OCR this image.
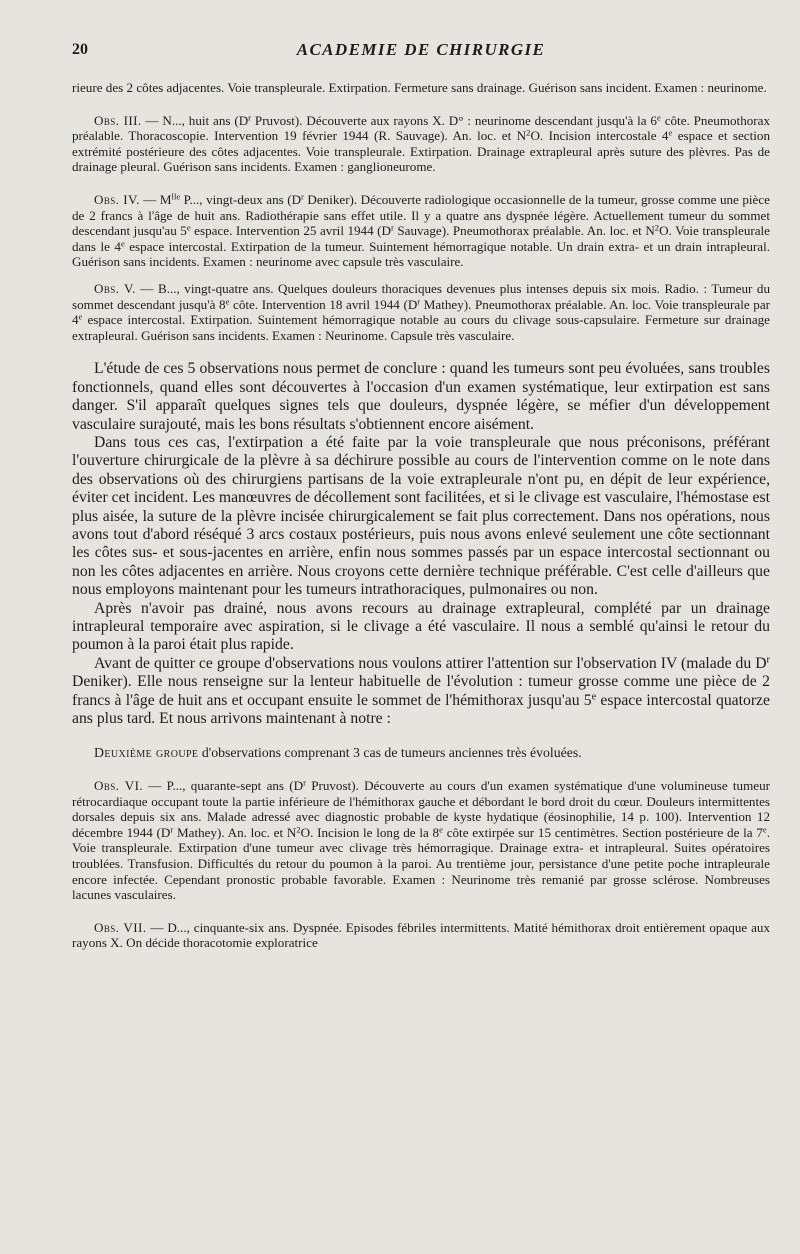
20	ACADEMIE DE CHIRURGIE

rieure des 2 côtes adjacentes. Voie transpleurale. Extirpation. Fermeture sans drainage. Guérison sans incident. Examen : neurinome.

Obs. III. — N..., huit ans ($D^r$ Pruvost). Découverte aux rayons X. D° : neurinome descendant jusqu'à la 6e côte. Pneumothorax préalable. Thoracoscopie. Intervention 19 février 1944 (R. Sauvage). An. loc. et $N^2O$. Incision intercostale 4e espace et section extrémité postérieure des côtes adjacentes. Voie transpleurale. Extirpation. Drainage extrapleural après suture des plèvres. Pas de drainage pleural. Guérison sans incidents. Examen : ganglioneurome.

Obs. IV. — $M^{lle}$ P..., vingt-deux ans ($D^r$ Deniker). Découverte radiologique occasionnelle de la tumeur, grosse comme une pièce de 2 francs à l'âge de huit ans. Radiothérapie sans effet utile. Il y a quatre ans dyspnée légère. Actuellement tumeur du sommet descendant jusqu'au 5e espace. Intervention 25 avril 1944 ($D^r$ Sauvage). Pneumothorax préalable. An. loc. et $N^2O$. Voie transpleurale dans le 4e espace intercostal. Extirpation de la tumeur. Suintement hémorragique notable. Un drain extra- et un drain intrapleural. Guérison sans incidents. Examen : neurinome avec capsule très vasculaire.

Obs. V. — B..., vingt-quatre ans. Quelques douleurs thoraciques devenues plus intenses depuis six mois. Radio. : Tumeur du sommet descendant jusqu'à 8e côte. Intervention 18 avril 1944 ($D^r$ Mathey). Pneumothorax préalable. An. loc. Voie transpleurale par 4e espace intercostal. Extirpation. Suintement hémorragique notable au cours du clivage sous-capsulaire. Fermeture sur drainage extrapleural. Guérison sans incidents. Examen : Neurinome. Capsule très vasculaire.

L'étude de ces 5 observations nous permet de conclure : quand les tumeurs sont peu évoluées, sans troubles fonctionnels, quand elles sont découvertes à l'occasion d'un examen systématique, leur extirpation est sans danger. S'il apparaît quelques signes tels que douleurs, dyspnée légère, se méfier d'un développement vasculaire surajouté, mais les bons résultats s'obtiennent encore aisément.

Dans tous ces cas, l'extirpation a été faite par la voie transpleurale que nous préconisons, préférant l'ouverture chirurgicale de la plèvre à sa déchirure possible au cours de l'intervention comme on le note dans des observations où des chirurgiens partisans de la voie extrapleurale n'ont pu, en dépit de leur expérience, éviter cet incident. Les manœuvres de décollement sont facilitées, et si le clivage est vasculaire, l'hémostase est plus aisée, la suture de la plèvre incisée chirurgicalement se fait plus correctement. Dans nos opérations, nous avons tout d'abord réséqué 3 arcs costaux postérieurs, puis nous avons enlevé seulement une côte sectionnant les côtes sus- et sous-jacentes en arrière, enfin nous sommes passés par un espace intercostal sectionnant ou non les côtes adjacentes en arrière. Nous croyons cette dernière technique préférable. C'est celle d'ailleurs que nous employons maintenant pour les tumeurs intrathoraciques, pulmonaires ou non.

Après n'avoir pas drainé, nous avons recours au drainage extrapleural, complété par un drainage intrapleural temporaire avec aspiration, si le clivage a été vasculaire. Il nous a semblé qu'ainsi le retour du poumon à la paroi était plus rapide.

Avant de quitter ce groupe d'observations nous voulons attirer l'attention sur l'observation IV (malade du $D^r$ Deniker). Elle nous renseigne sur la lenteur habituelle de l'évolution : tumeur grosse comme une pièce de 2 francs à l'âge de huit ans et occupant ensuite le sommet de l'hémithorax jusqu'au 5e espace intercostal quatorze ans plus tard. Et nous arrivons maintenant à notre :

Deuxième groupe d'observations comprenant 3 cas de tumeurs anciennes très évoluées.

Obs. VI. — P..., quarante-sept ans ($D^r$ Pruvost). Découverte au cours d'un examen systématique d'une volumineuse tumeur rétrocardiaque occupant toute la partie inférieure de l'hémithorax gauche et débordant le bord droit du cœur. Douleurs intermittentes dorsales depuis six ans. Malade adressé avec diagnostic probable de kyste hydatique (éosinophilie, 14 p. 100). Intervention 12 décembre 1944 ($D^r$ Mathey). An. loc. et $N^2O$. Incision le long de la 8e côte extirpée sur 15 centimètres. Section postérieure de la 7e. Voie transpleurale. Extirpation d'une tumeur avec clivage très hémorragique. Drainage extra- et intrapleural. Suites opératoires troublées. Transfusion. Difficultés du retour du poumon à la paroi. Au trentième jour, persistance d'une petite poche intrapleurale encore infectée. Cependant pronostic probable favorable. Examen : Neurinome très remanié par grosse sclérose. Nombreuses lacunes vasculaires.

Obs. VII. — D..., cinquante-six ans. Dyspnée. Episodes fébriles intermittents. Matité hémithorax droit entièrement opaque aux rayons X. On décide thoracotomie exploratrice
